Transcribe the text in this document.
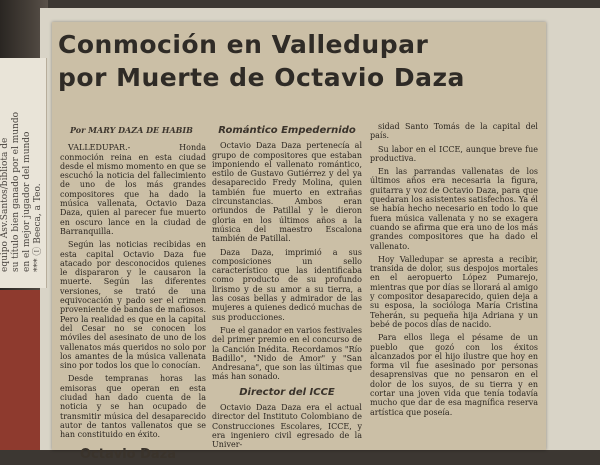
equipo Asv.Santos/bibliota de
su título bien ganado por el mundo
en el mejor jugador del mundo
*** Ⓘ Beeca, a Teo.
Conmoción en Valledupar
por Muerte de Octavio Daza
Por MARY DAZA DE HABIB

VALLEDUPAR.- Honda conmoción reina en esta ciudad desde el mismo momento en que se escuchó la noticia del fallecimiento de uno de los más grandes compositores que ha dado la música vallenata, Octavio Daza Daza, quien al parecer fue muerto en oscuro lance en la ciudad de Barranquilla.

Según las noticias recibidas en esta capital Octavio Daza fue atacado por desconocidos quienes le dispararon y le causaron la muerte. Según las diferentes versiones, se trató de una equivocación y pado ser el crimen proveniente de bandas de mafiosos. Pero la realidad es que en la capital del Cesar no se conocen los móviles del asesinato de uno de los vallenatos más queridos no solo por los amantes de la música vallenata sino por todos los que lo conocían.

Desde tempranas horas las emisoras que operan en esta ciudad han dado cuenta de la noticia y se han ocupado de transmitir música del desaparecido autor de tantos vallenatos que se han constituido en éxito.

Octavio Daza
Romántico Empedernido

Octavio Daza Daza pertenecía al grupo de compositores que estaban imponiendo el vallenato romántico, estilo de Gustavo Gutiérrez y del ya desaparecido Fredy Molina, quien también fue muerto en extrañas circunstancias. Ambos eran oriundos de Patillal y le dieron gloria en los últimos años a la música del maestro Escalona también de Patillal.

Daza Daza, imprimió a sus composiciones un sello característico que las identificaba como producto de su profundo lirismo y de su amor a su tierra, a las cosas bellas y admirador de las mujeres a quienes dedicó muchas de sus producciones.

Fue el ganador en varios festivales del primer premio en el concurso de la Canción Inédita. Recordamos "Río Badillo", "Nido de Amor" y "San Andresana", que son las últimas que más han sonado.

Director del ICCE

Octavio Daza Daza era el actual director del Instituto Colombiano de Construcciones Escolares, ICCE, y era ingeniero civil egresado de la Univer-

sidad Santo Tomás de la capital del país.

Su labor en el ICCE, aunque breve fue productiva.

En las parrandas vallenatas de los últimos años era necesaria la figura, guitarra y voz de Octavio Daza, para que quedaran los asistentes satisfechos. Ya él se había hecho necesario en todo lo que fuera música vallenata y no se exagera cuando se afirma que era uno de los más grandes compositores que ha dado el vallenato.

Hoy Valledupar se apresta a recibir, transida de dolor, sus despojos mortales en el aeropuerto López Pumarejo, mientras que por días se llorará al amigo y compositor desaparecido, quien deja a su esposa, la socióloga María Cristina Teherán, su pequeña hija Adriana y un bebé de pocos días de nacido.

Para ellos llega el pésame de un pueblo que gozó con los éxitos alcanzados por el hijo ilustre que hoy en forma vil fue asesinado por personas desaprensivas que no pensaron en el dolor de los suyos, de su tierra y en cortar una joven vida que tenía todavía mucho que dar de esa magnífica reserva artística que poseía.
